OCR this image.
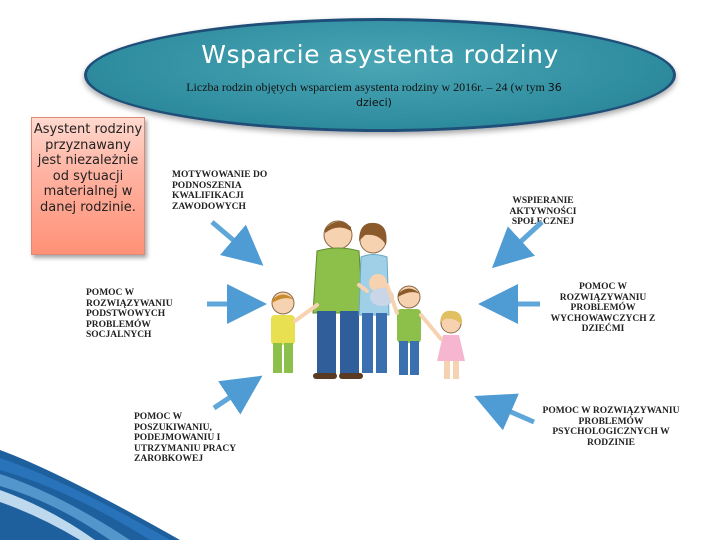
Wsparcie asystenta rodziny
Liczba rodzin objętych wsparciem asystenta rodziny w 2016r. – 24 (w tym 36 dzieci)
Asystent rodziny przyznawany jest niezależnie od sytuacji materialnej w danej rodzinie.
MOTYWOWANIE DO PODNOSZENIA KWALIFIKACJI ZAWODOWYCH
WSPIERANIE AKTYWNOŚCI SPOŁECZNEJ
POMOC W ROZWIĄZYWANIU PODSTWOWYCH PROBLEMÓW SOCJALNYCH
POMOC W ROZWIĄZYWANIU PROBLEMÓW WYCHOWAWCZYCH Z DZIEĆMI
POMOC W POSZUKIWANIU, PODEJMOWANIU I UTRZYMANIU PRACY ZAROBKOWEJ
POMOC W ROZWIĄZYWANIU PROBLEMÓW PSYCHOLOGICZNYCH W RODZINIE
